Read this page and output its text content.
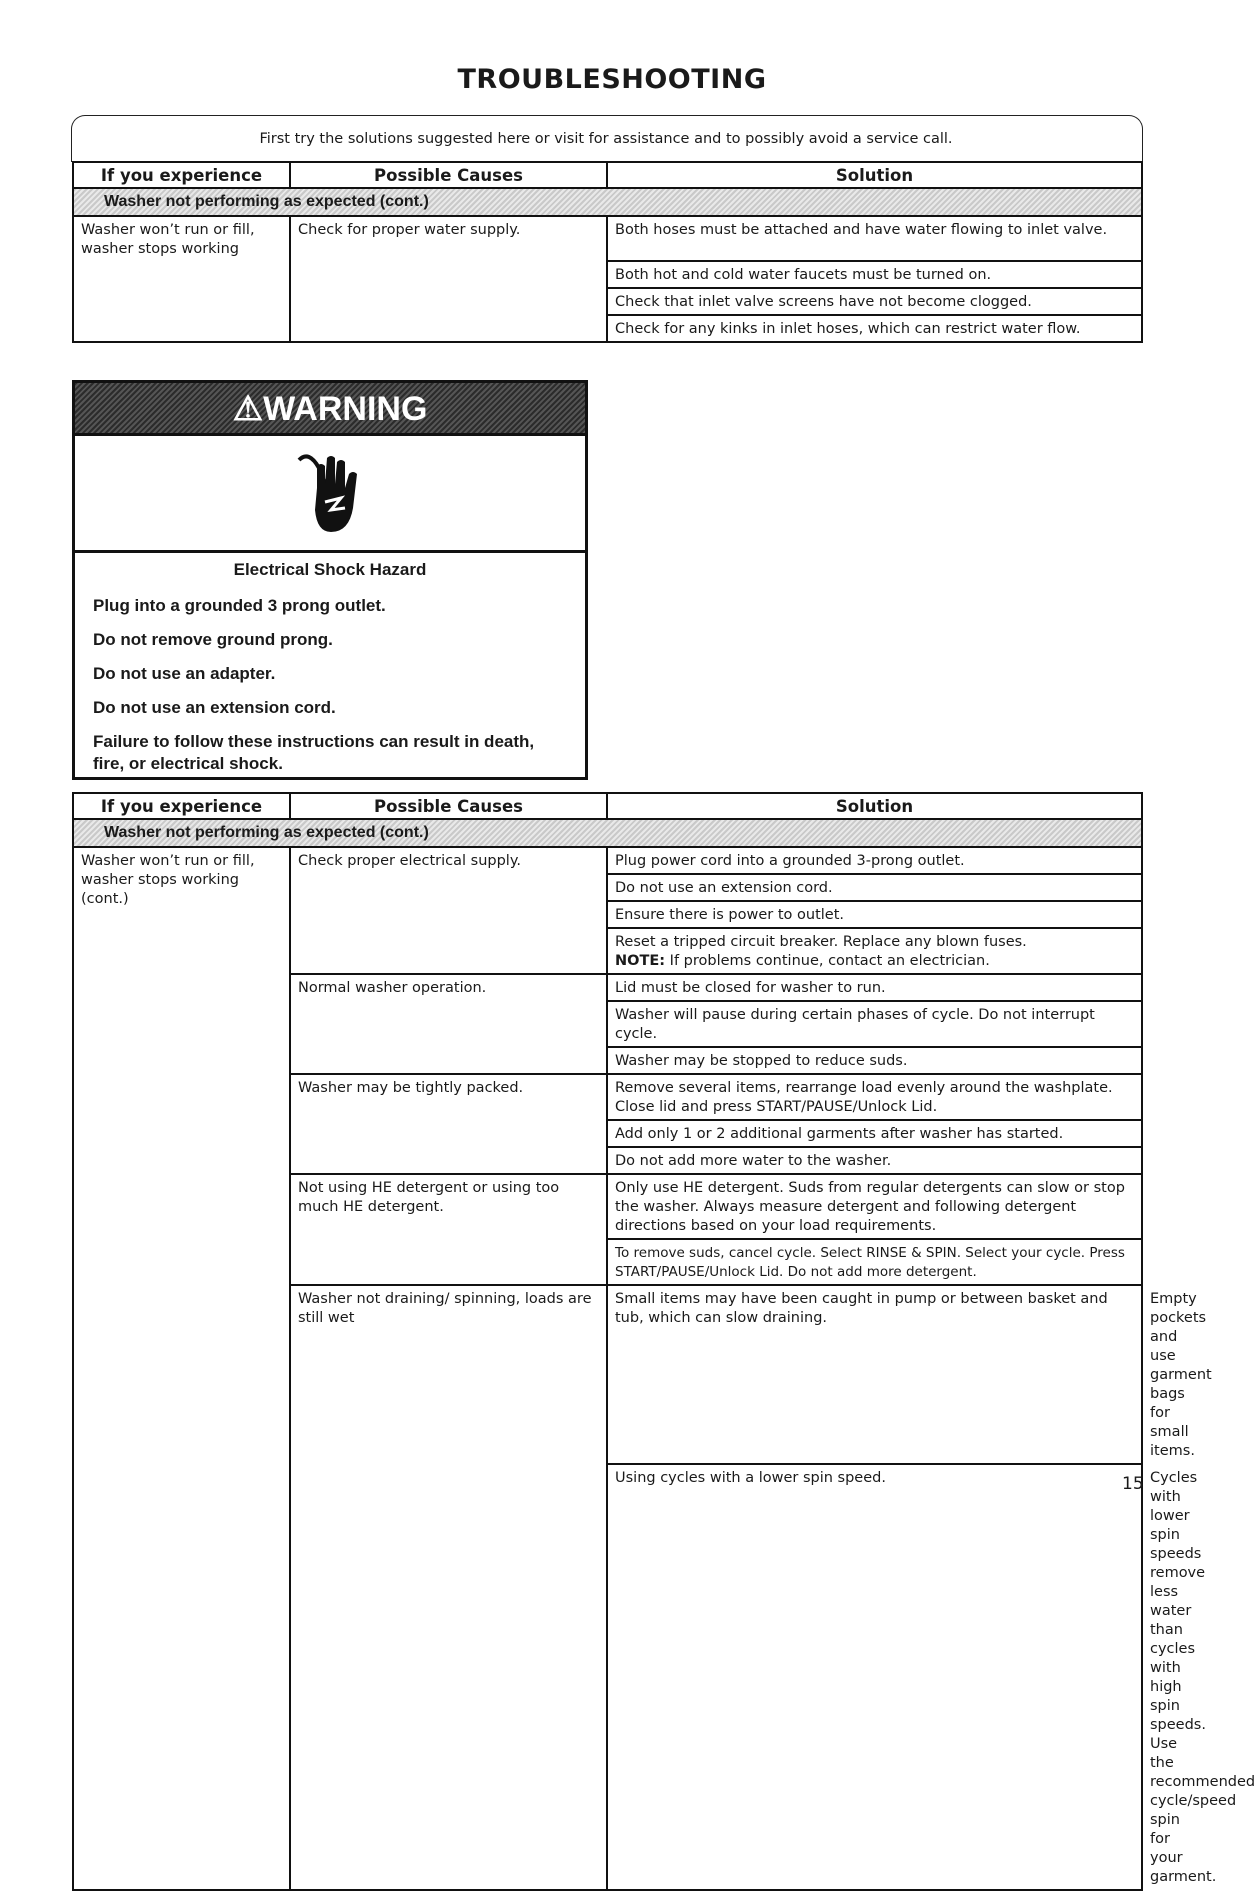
TROUBLESHOOTING
First try the solutions suggested here or visit for assistance and to possibly avoid a service call.
If you experience	Possible Causes	Solution
Washer not performing as expected (cont.)		
Washer won’t run or fill, washer stops working	Check for proper water supply.	Both hoses must be attached and have water flowing to inlet valve.
		Both hot and cold water faucets must be turned on.
		Check that inlet valve screens have not become clogged.
		Check for any kinks in inlet hoses, which can restrict water flow.
⚠WARNING

Electrical Shock Hazard

Plug into a grounded 3 prong outlet.

Do not remove ground prong.

Do not use an adapter.

Do not use an extension cord.

Failure to follow these instructions can result in death, fire, or electrical shock.

If you experience	Possible Causes	Solution	
Washer not performing as expected (cont.)			
Washer won’t run or fill, washer stops working (cont.)	Check proper electrical supply.	Plug power cord into a grounded 3-prong outlet.	
		Do not use an extension cord.	
		Ensure there is power to outlet.	
		Reset a tripped circuit breaker. Replace any blown fuses.
NOTE: If problems continue, contact an electrician.	
	Normal washer operation.	Lid must be closed for washer to run.	
		Washer will pause during certain phases of cycle. Do not interrupt cycle.	
		Washer may be stopped to reduce suds.	
	Washer may be tightly packed.	Remove several items, rearrange load evenly around the washplate. Close lid and press START/PAUSE/Unlock Lid.	
		Add only 1 or 2 additional garments after washer has started.	
		Do not add more water to the washer.	
	Not using HE detergent or using too much HE detergent.	Only use HE detergent. Suds from regular detergents can slow or stop the washer. Always measure detergent and following detergent directions based on your load requirements.	
		To remove suds, cancel cycle. Select RINSE & SPIN. Select your cycle. Press START/PAUSE/Unlock Lid. Do not add more detergent.	
	Washer not draining/ spinning, loads are still wet	Small items may have been caught in pump or between basket and tub, which can slow draining.	Empty pockets and use garment bags for small items.
		Using cycles with a lower spin speed.	Cycles with lower spin speeds remove less water than cycles with high spin speeds. Use the recommended cycle/speed spin for your garment.
15
